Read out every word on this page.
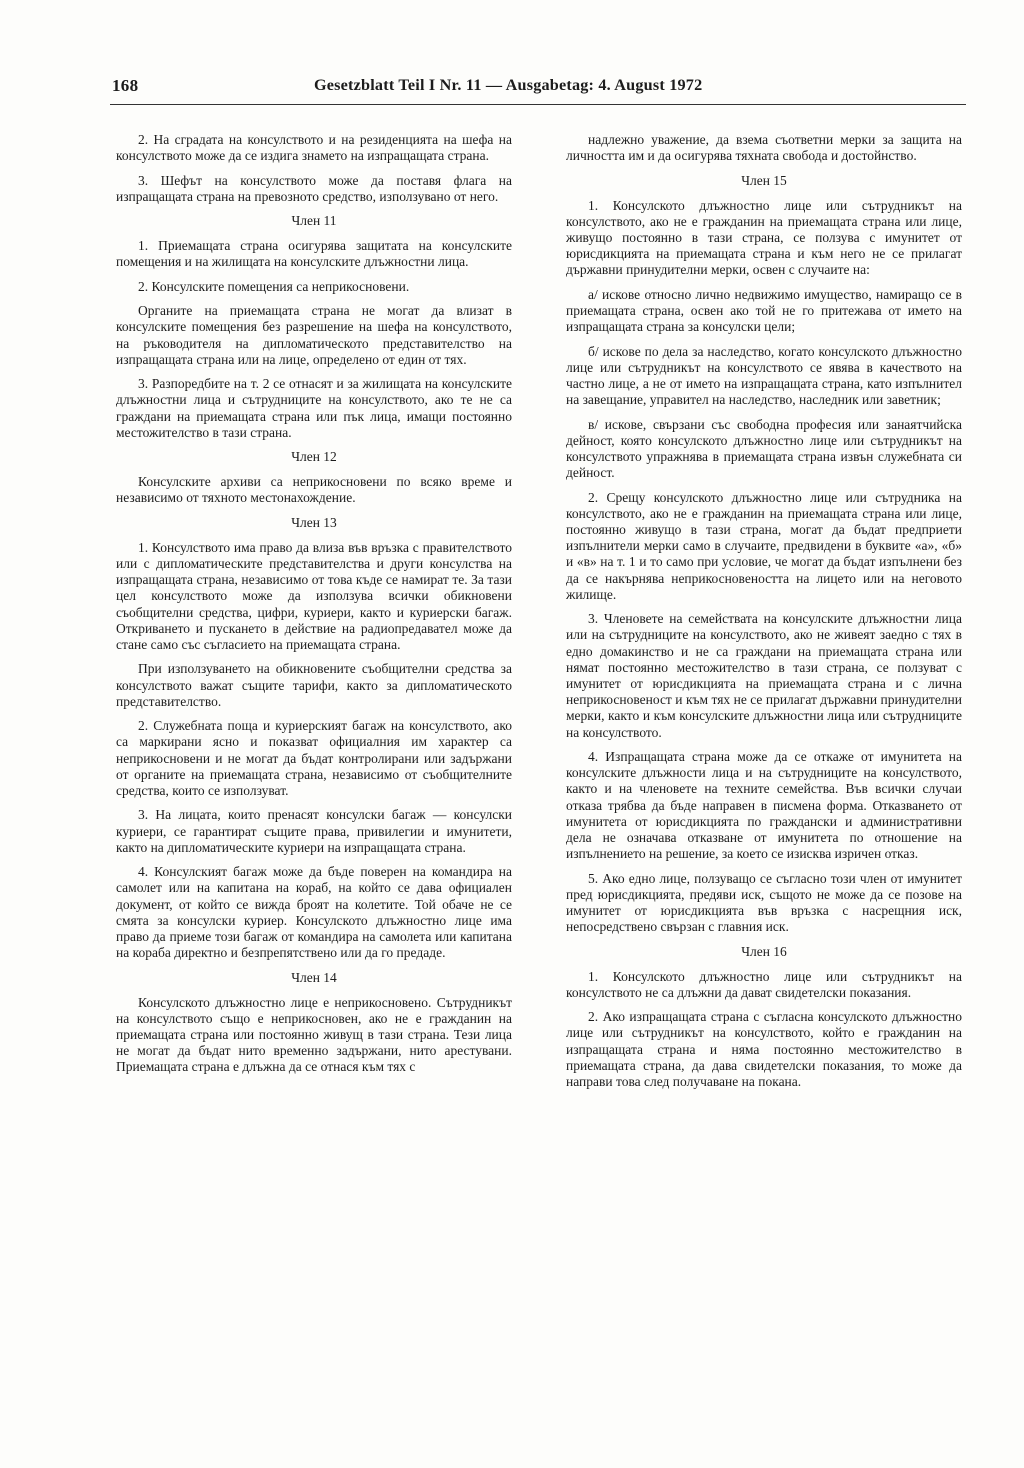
168	Gesetzblatt Teil I Nr. 11 — Ausgabetag: 4. August 1972

2. На сградата на консулството и на резиденцията на шефа на консулството може да се издига знамето на изпращащата страна.

3. Шефът на консулството може да поставя флага на изпращащата страна на превозното средство, използувано от него.

Член 11

1. Приемащата страна осигурява защитата на консулските помещения и на жилищата на консулските длъжностни лица.

2. Консулските помещения са неприкосновени.

Органите на приемащата страна не могат да влизат в консулските помещения без разрешение на шефа на консулството, на ръководителя на дипломатическото представителство на изпращащата страна или на лице, определено от един от тях.

3. Разпоредбите на т. 2 се отнасят и за жилищата на консулските длъжностни лица и сътрудниците на консулството, ако те не са граждани на приемащата страна или пък лица, имащи постоянно местожителство в тази страна.

Член 12

Консулските архиви са неприкосновени по всяко време и независимо от тяхното местонахождение.

Член 13

1. Консулството има право да влиза във връзка с правителството или с дипломатическите представителства и други консулства на изпращащата страна, независимо от това къде се намират те. За тази цел консулството може да използува всички обикновени съобщителни средства, цифри, куриери, както и куриерски багаж. Откриването и пускането в действие на радиопредавател може да стане само със съгласието на приемащата страна.

При използуването на обикновените съобщителни средства за консулството важат същите тарифи, както за дипломатическото представителство.

2. Служебната поща и куриерският багаж на консулството, ако са маркирани ясно и показват официалния им характер са неприкосновени и не могат да бъдат контролирани или задържани от органите на приемащата страна, независимо от съобщителните средства, които се използуват.

3. На лицата, които пренасят консулски багаж — консулски куриери, се гарантират същите права, привилегии и имунитети, както на дипломатическите куриери на изпращащата страна.

4. Консулският багаж може да бъде поверен на командира на самолет или на капитана на кораб, на който се дава официален документ, от който се вижда броят на колетите. Той обаче не се смята за консулски куриер. Консулското длъжностно лице има право да приеме този багаж от командира на самолета или капитана на кораба директно и безпрепятствено или да го предаде.

Член 14

Консулското длъжностно лице е неприкосновено. Сътрудникът на консулството също е неприкосновен, ако не е гражданин на приемащата страна или постоянно живущ в тази страна. Тези лица не могат да бъдат нито временно задържани, нито арестувани. Приемащата страна е длъжна да се отнася към тях с

надлежно уважение, да взема съответни мерки за защита на личността им и да осигурява тяхната свобода и достойнство.

Член 15

1. Консулското длъжностно лице или сътрудникът на консулството, ако не е гражданин на приемащата страна или лице, живущо постоянно в тази страна, се ползува с имунитет от юрисдикцията на приемащата страна и към него не се прилагат държавни принудителни мерки, освен с случаите на:

а/ искове относно лично недвижимо имущество, намиращо се в приемащата страна, освен ако той не го притежава от името на изпращащата страна за консулски цели;

б/ искове по дела за наследство, когато консулското длъжностно лице или сътрудникът на консулството се явява в качеството на частно лице, а не от името на изпращащата страна, като изпълнител на завещание, управител на наследство, наследник или заветник;

в/ искове, свързани със свободна професия или занаятчийска дейност, която консулското длъжностно лице или сътрудникът на консулството упражнява в приемащата страна извън служебната си дейност.

2. Срещу консулското длъжностно лице или сътрудника на консулството, ако не е гражданин на приемащата страна или лице, постоянно живущо в тази страна, могат да бъдат предприети изпълнители мерки само в случаите, предвидени в буквите «а», «б» и «в» на т. 1 и то само при условие, че могат да бъдат изпълнени без да се накърнява неприкосновеността на лицето или на неговото жилище.

3. Членовете на семействата на консулските длъжностни лица или на сътрудниците на консулството, ако не живеят заедно с тях в едно домакинство и не са граждани на приемащата страна или нямат постоянно местожителство в тази страна, се ползуват с имунитет от юрисдикцията на приемащата страна и с лична неприкосновеност и към тях не се прилагат държавни принудителни мерки, както и към консулските длъжностни лица или сътрудниците на консулството.

4. Изпращащата страна може да се откаже от имунитета на консулските длъжности лица и на сътрудниците на консулството, както и на членовете на техните семейства. Във всички случаи отказа трябва да бъде направен в писмена форма. Отказването от имунитета от юрисдикцията по граждански и административни дела не означава отказване от имунитета по отношение на изпълнението на решение, за което се изисква изричен отказ.

5. Ако едно лице, ползуващо се съгласно този член от имунитет пред юрисдикцията, предяви иск, същото не може да се позове на имунитет от юрисдикцията във връзка с насрещния иск, непосредствено свързан с главния иск.

Член 16

1. Консулското длъжностно лице или сътрудникът на консулството не са длъжни да дават свидетелски показания.

2. Ако изпращащата страна с съгласна консулското длъжностно лице или сътрудникът на консулството, който е гражданин на изпращащата страна и няма постоянно местожителство в приемащата страна, да дава свидетелски показания, то може да направи това след получаване на покана.
